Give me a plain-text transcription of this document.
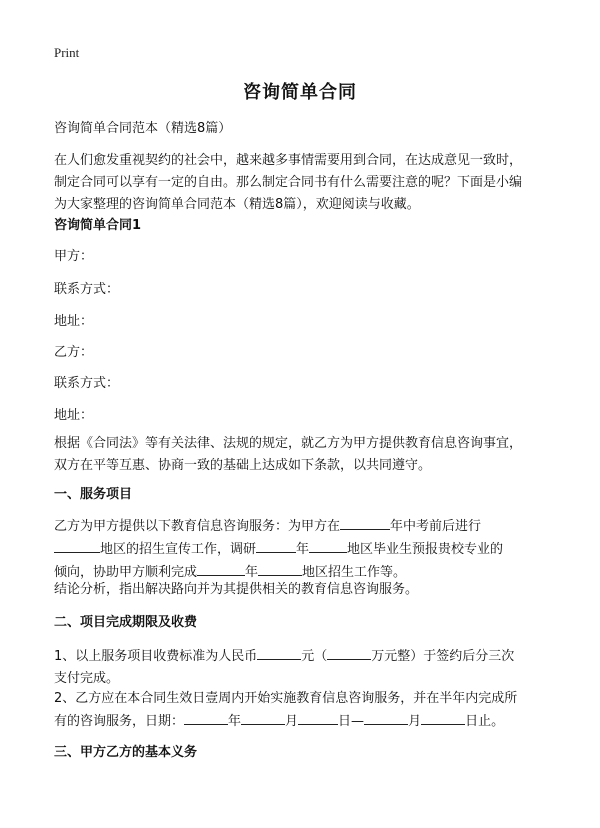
Print
咨询简单合同
咨询简单合同范本（精选8篇）
在人们愈发重视契约的社会中，越来越多事情需要用到合同，在达成意见一致时，
制定合同可以享有一定的自由。那么制定合同书有什么需要注意的呢？下面是小编
为大家整理的咨询简单合同范本（精选8篇），欢迎阅读与收藏。
咨询简单合同1
甲方：
联系方式：
地址：
乙方：
联系方式：
地址：
根据《合同法》等有关法律、法规的规定，就乙方为甲方提供教育信息咨询事宜，
双方在平等互惠、协商一致的基础上达成如下条款，以共同遵守。
一、服务项目
乙方为甲方提供以下教育信息咨询服务：为甲方在	年中考前后进行
地区的招生宣传工作，调研	年	地区毕业生预报贵校专业的
倾向，协助甲方顺利完成	年	地区招生工作等。
结论分析，指出解决路向并为其提供相关的教育信息咨询服务。
二、项目完成期限及收费
1、以上服务项目收费标准为人民币	元（	万元整）于签约后分三次
支付完成。
2、乙方应在本合同生效日壹周内开始实施教育信息咨询服务，并在半年内完成所
有的咨询服务，日期：	年	月	日—	月	日止。
三、甲方乙方的基本义务
